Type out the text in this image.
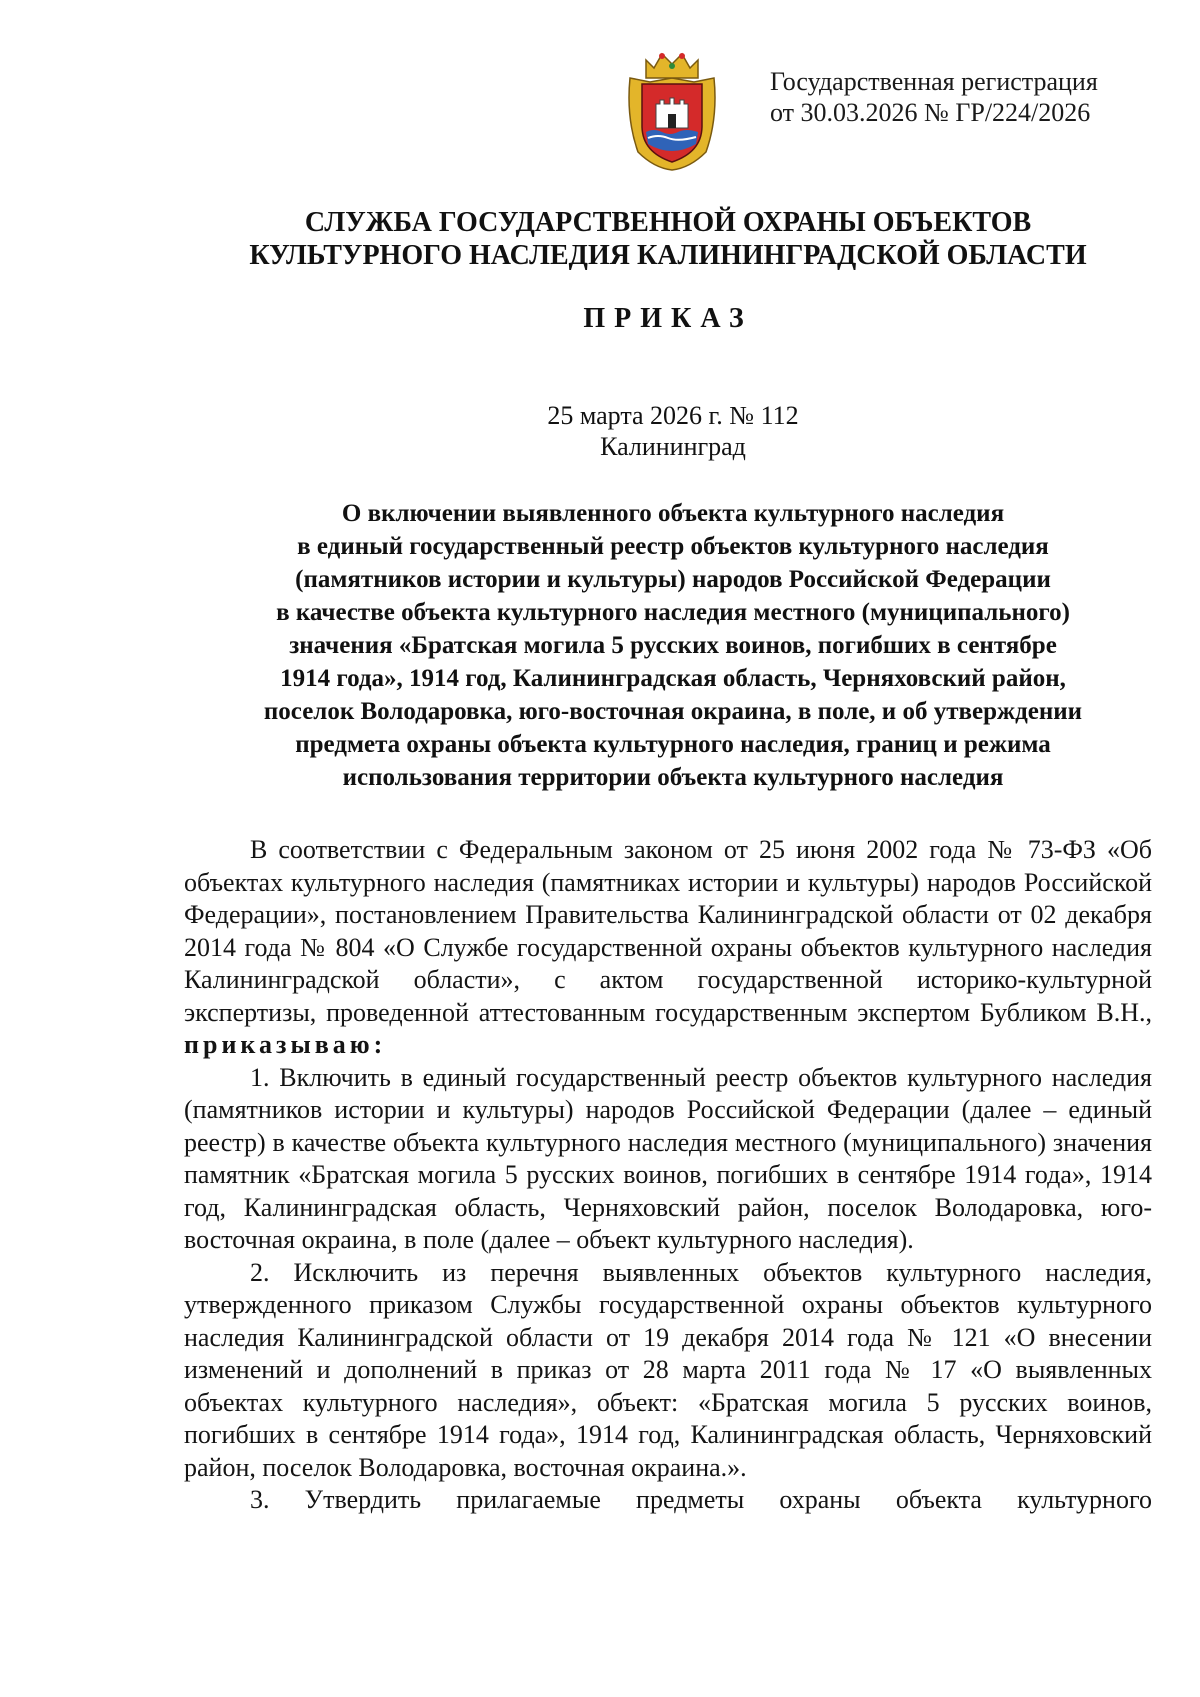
Государственная регистрация
от 30.03.2026 № ГР/224/2026
СЛУЖБА ГОСУДАРСТВЕННОЙ ОХРАНЫ ОБЪЕКТОВ
КУЛЬТУРНОГО НАСЛЕДИЯ КАЛИНИНГРАДСКОЙ ОБЛАСТИ
ПРИКАЗ
25 марта 2026 г. № 112
Калининград
О включении выявленного объекта культурного наследия
в единый государственный реестр объектов культурного наследия
(памятников истории и культуры) народов Российской Федерации
в качестве объекта культурного наследия местного (муниципального)
значения «Братская могила 5 русских воинов, погибших в сентябре
1914 года», 1914 год, Калининградская область, Черняховский район,
поселок Володаровка, юго-восточная окраина, в поле, и об утверждении
предмета охраны объекта культурного наследия, границ и режима
использования территории объекта культурного наследия

В соответствии с Федеральным законом от 25 июня 2002 года № 73-ФЗ «Об объектах культурного наследия (памятниках истории и культуры) народов Российской Федерации», постановлением Правительства Калининградской области от 02 декабря 2014 года № 804 «О Службе государственной охраны объектов культурного наследия Калининградской области», с актом государственной историко-культурной экспертизы, проведенной аттестованным государственным экспертом Бубликом В.Н., приказываю:

1. Включить в единый государственный реестр объектов культурного наследия (памятников истории и культуры) народов Российской Федерации (далее – единый реестр) в качестве объекта культурного наследия местного (муниципального) значения памятник «Братская могила 5 русских воинов, погибших в сентябре 1914 года», 1914 год, Калининградская область, Черняховский район, поселок Володаровка, юго-восточная окраина, в поле (далее – объект культурного наследия).

2. Исключить из перечня выявленных объектов культурного наследия, утвержденного приказом Службы государственной охраны объектов культурного наследия Калининградской области от 19 декабря 2014 года № 121 «О внесении изменений и дополнений в приказ от 28 марта 2011 года № 17 «О выявленных объектах культурного наследия», объект: «Братская могила 5 русских воинов, погибших в сентябре 1914 года», 1914 год, Калининградская область, Черняховский район, поселок Володаровка, восточная окраина.».

3. Утвердить прилагаемые предметы охраны объекта культурного
